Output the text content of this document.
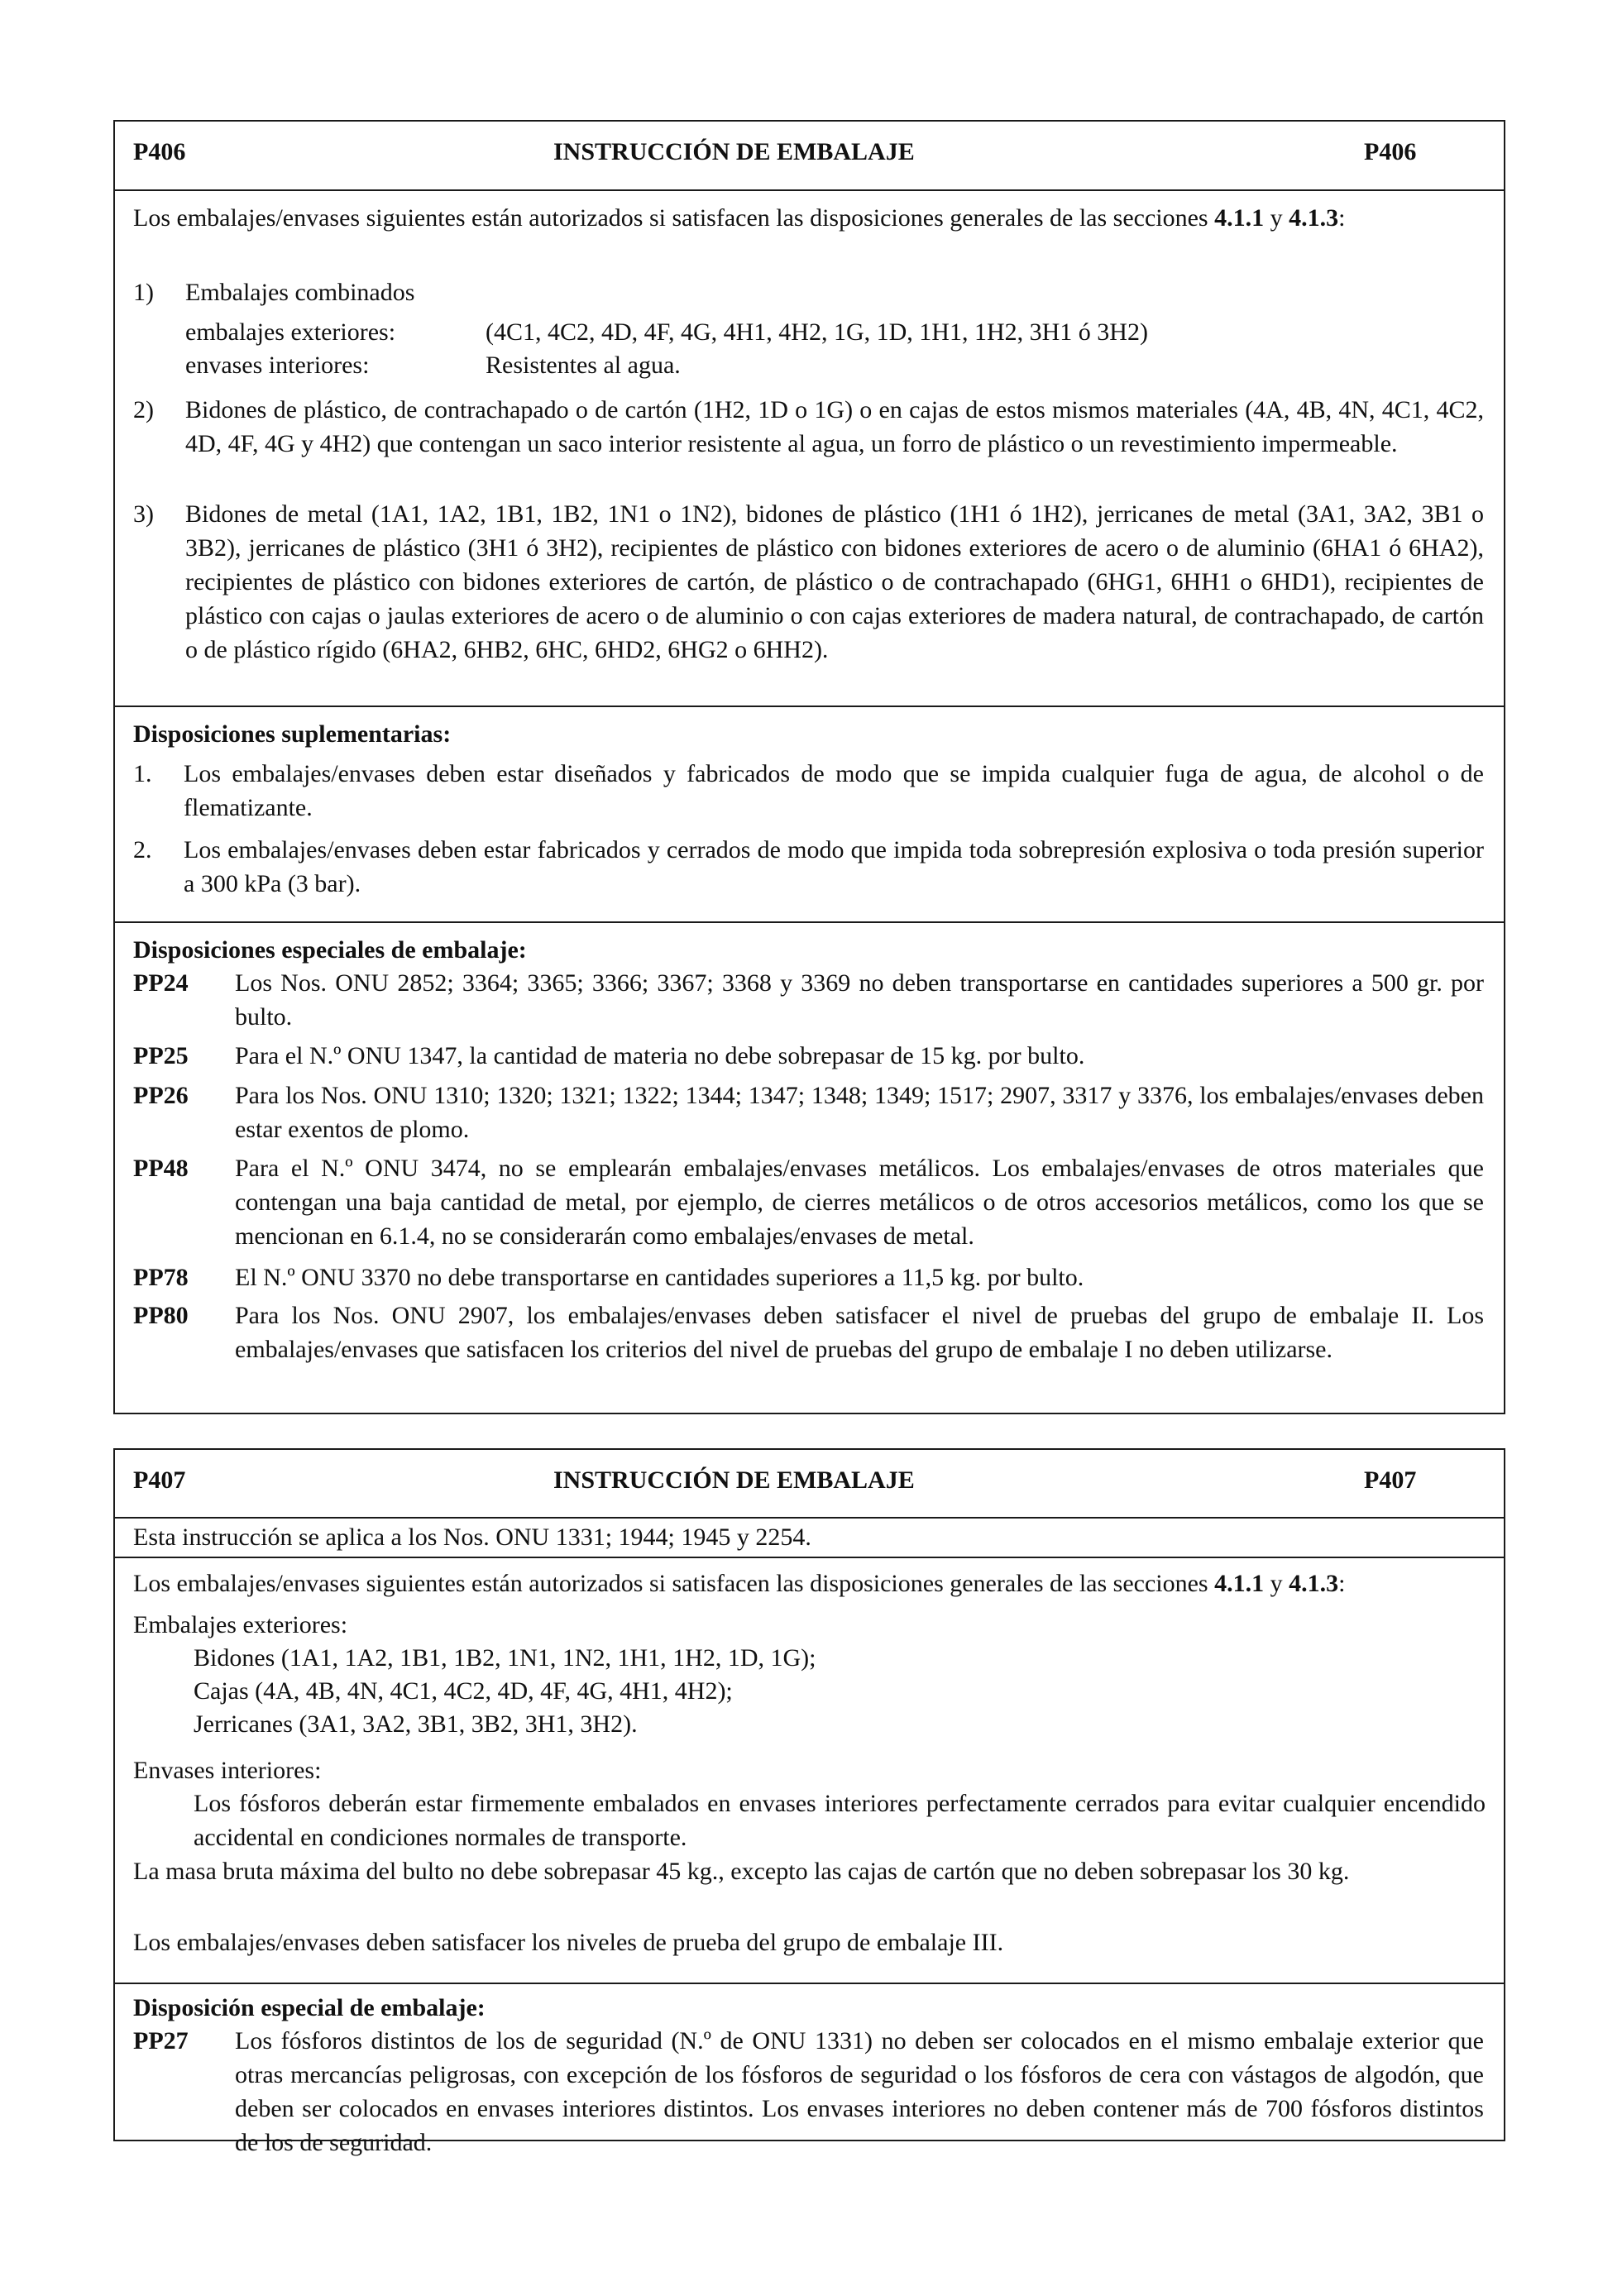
P406	INSTRUCCIÓN DE EMBALAJE	P406
Los embalajes/envases siguientes están autorizados si satisfacen las disposiciones generales de las secciones 4.1.1 y 4.1.3:
1) Embalajes combinados
embalajes exteriores:	(4C1, 4C2, 4D, 4F, 4G, 4H1, 4H2, 1G, 1D, 1H1, 1H2, 3H1 ó 3H2)
envases interiores:	Resistentes al agua.
2) Bidones de plástico, de contrachapado o de cartón (1H2, 1D o 1G) o en cajas de estos mismos materiales (4A, 4B, 4N, 4C1, 4C2, 4D, 4F, 4G y 4H2) que contengan un saco interior resistente al agua, un forro de plástico o un revestimiento impermeable.
3) Bidones de metal (1A1, 1A2, 1B1, 1B2, 1N1 o 1N2), bidones de plástico (1H1 ó 1H2), jerricanes de metal (3A1, 3A2, 3B1 o 3B2), jerricanes de plástico (3H1 ó 3H2), recipientes de plástico con bidones exteriores de acero o de aluminio (6HA1 ó 6HA2), recipientes de plástico con bidones exteriores de cartón, de plástico o de contrachapado (6HG1, 6HH1 o 6HD1), recipientes de plástico con cajas o jaulas exteriores de acero o de aluminio o con cajas exteriores de madera natural, de contrachapado, de cartón o de plástico rígido (6HA2, 6HB2, 6HC, 6HD2, 6HG2 o 6HH2).
Disposiciones suplementarias:
1. Los embalajes/envases deben estar diseñados y fabricados de modo que se impida cualquier fuga de agua, de alcohol o de flematizante.
2. Los embalajes/envases deben estar fabricados y cerrados de modo que impida toda sobrepresión explosiva o toda presión superior a 300 kPa (3 bar).
Disposiciones especiales de embalaje:
PP24 Los Nos. ONU 2852; 3364; 3365; 3366; 3367; 3368 y 3369 no deben transportarse en cantidades superiores a 500 gr. por bulto.
PP25 Para el N.º ONU 1347, la cantidad de materia no debe sobrepasar de 15 kg. por bulto.
PP26 Para los Nos. ONU 1310; 1320; 1321; 1322; 1344; 1347; 1348; 1349; 1517; 2907, 3317 y 3376, los embalajes/envases deben estar exentos de plomo.
PP48 Para el N.º ONU 3474, no se emplearán embalajes/envases metálicos. Los embalajes/envases de otros materiales que contengan una baja cantidad de metal, por ejemplo, de cierres metálicos o de otros accesorios metálicos, como los que se mencionan en 6.1.4, no se considerarán como embalajes/envases de metal.
PP78 El N.º ONU 3370 no debe transportarse en cantidades superiores a 11,5 kg. por bulto.
PP80 Para los Nos. ONU 2907, los embalajes/envases deben satisfacer el nivel de pruebas del grupo de embalaje II. Los embalajes/envases que satisfacen los criterios del nivel de pruebas del grupo de embalaje I no deben utilizarse.
P407	INSTRUCCIÓN DE EMBALAJE	P407
Esta instrucción se aplica a los Nos. ONU 1331; 1944; 1945 y 2254.
Los embalajes/envases siguientes están autorizados si satisfacen las disposiciones generales de las secciones 4.1.1 y 4.1.3:
Embalajes exteriores:
Bidones (1A1, 1A2, 1B1, 1B2, 1N1, 1N2, 1H1, 1H2, 1D, 1G);
Cajas (4A, 4B, 4N, 4C1, 4C2, 4D, 4F, 4G, 4H1, 4H2);
Jerricanes (3A1, 3A2, 3B1, 3B2, 3H1, 3H2).
Envases interiores:
Los fósforos deberán estar firmemente embalados en envases interiores perfectamente cerrados para evitar cualquier encendido accidental en condiciones normales de transporte.
La masa bruta máxima del bulto no debe sobrepasar 45 kg., excepto las cajas de cartón que no deben sobrepasar los 30 kg.
Los embalajes/envases deben satisfacer los niveles de prueba del grupo de embalaje III.
Disposición especial de embalaje:
PP27 Los fósforos distintos de los de seguridad (N.º de ONU 1331) no deben ser colocados en el mismo embalaje exterior que otras mercancías peligrosas, con excepción de los fósforos de seguridad o los fósforos de cera con vástagos de algodón, que deben ser colocados en envases interiores distintos. Los envases interiores no deben contener más de 700 fósforos distintos de los de seguridad.
